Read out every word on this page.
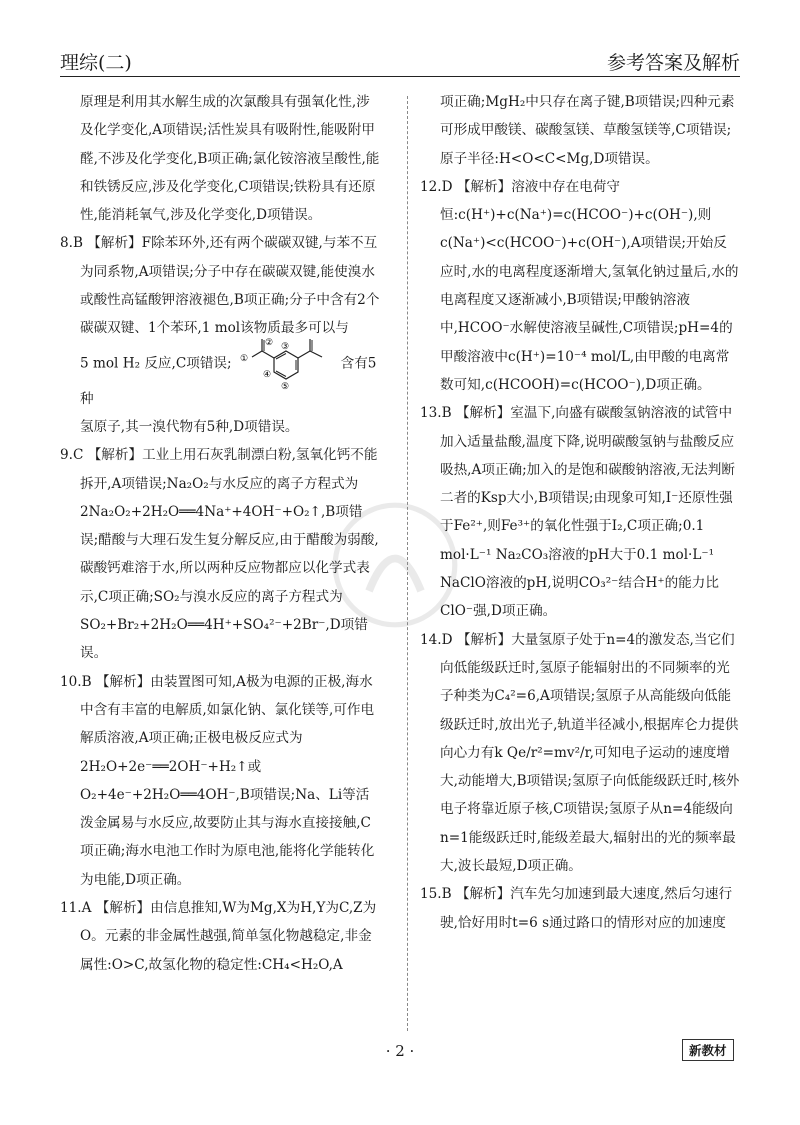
理综(二)	参考答案及解析

原理是利用其水解生成的次氯酸具有强氧化性,涉及化学变化,A项错误;活性炭具有吸附性,能吸附甲醛,不涉及化学变化,B项正确;氯化铵溶液呈酸性,能和铁锈反应,涉及化学变化,C项错误;铁粉具有还原性,能消耗氧气,涉及化学变化,D项错误。

8.B 【解析】F除苯环外,还有两个碳碳双键,与苯不互为同系物,A项错误;分子中存在碳碳双键,能使溴水或酸性高锰酸钾溶液褪色,B项正确;分子中含有2个碳碳双键、1个苯环,1 mol该物质最多可以与

5 mol H₂ 反应,C项错误; ①
② ③
④
⑤
含有5种

氢原子,其一溴代物有5种,D项错误。

9.C 【解析】工业上用石灰乳制漂白粉,氢氧化钙不能拆开,A项错误;Na₂O₂与水反应的离子方程式为2Na₂O₂+2H₂O══4Na⁺+4OH⁻+O₂↑,B项错误;醋酸与大理石发生复分解反应,由于醋酸为弱酸,碳酸钙难溶于水,所以两种反应物都应以化学式表示,C项正确;SO₂与溴水反应的离子方程式为SO₂+Br₂+2H₂O══4H⁺+SO₄²⁻+2Br⁻,D项错误。

10.B 【解析】由装置图可知,A极为电源的正极,海水中含有丰富的电解质,如氯化钠、氯化镁等,可作电解质溶液,A项正确;正极电极反应式为2H₂O+2e⁻══2OH⁻+H₂↑或O₂+4e⁻+2H₂O══4OH⁻,B项错误;Na、Li等活泼金属易与水反应,故要防止其与海水直接接触,C项正确;海水电池工作时为原电池,能将化学能转化为电能,D项正确。

11.A 【解析】由信息推知,W为Mg,X为H,Y为C,Z为O。元素的非金属性越强,简单氢化物越稳定,非金属性:O>C,故氢化物的稳定性:CH₄<H₂O,A

项正确;MgH₂中只存在离子键,B项错误;四种元素可形成甲酸镁、碳酸氢镁、草酸氢镁等,C项错误;原子半径:H<O<C<Mg,D项错误。

12.D 【解析】溶液中存在电荷守恒:c(H⁺)+c(Na⁺)=c(HCOO⁻)+c(OH⁻),则c(Na⁺)<c(HCOO⁻)+c(OH⁻),A项错误;开始反应时,水的电离程度逐渐增大,氢氧化钠过量后,水的电离程度又逐渐减小,B项错误;甲酸钠溶液中,HCOO⁻水解使溶液呈碱性,C项错误;pH=4的甲酸溶液中c(H⁺)=10⁻⁴ mol/L,由甲酸的电离常数可知,c(HCOOH)=c(HCOO⁻),D项正确。

13.B 【解析】室温下,向盛有碳酸氢钠溶液的试管中加入适量盐酸,温度下降,说明碳酸氢钠与盐酸反应吸热,A项正确;加入的是饱和碳酸钠溶液,无法判断二者的Ksp大小,B项错误;由现象可知,I⁻还原性强于Fe²⁺,则Fe³⁺的氧化性强于I₂,C项正确;0.1 mol·L⁻¹ Na₂CO₃溶液的pH大于0.1 mol·L⁻¹ NaClO溶液的pH,说明CO₃²⁻结合H⁺的能力比ClO⁻强,D项正确。

14.D 【解析】大量氢原子处于n=4的激发态,当它们向低能级跃迁时,氢原子能辐射出的不同频率的光子种类为C₄²=6,A项错误;氢原子从高能级向低能级跃迁时,放出光子,轨道半径减小,根据库仑力提供向心力有k Qe/r²=mv²/r,可知电子运动的速度增大,动能增大,B项错误;氢原子向低能级跃迁时,核外电子将靠近原子核,C项错误;氢原子从n=4能级向n=1能级跃迁时,能级差最大,辐射出的光的频率最大,波长最短,D项正确。

15.B 【解析】汽车先匀加速到最大速度,然后匀速行驶,恰好用时t=6 s通过路口的情形对应的加速度

· 2 ·	新教材
